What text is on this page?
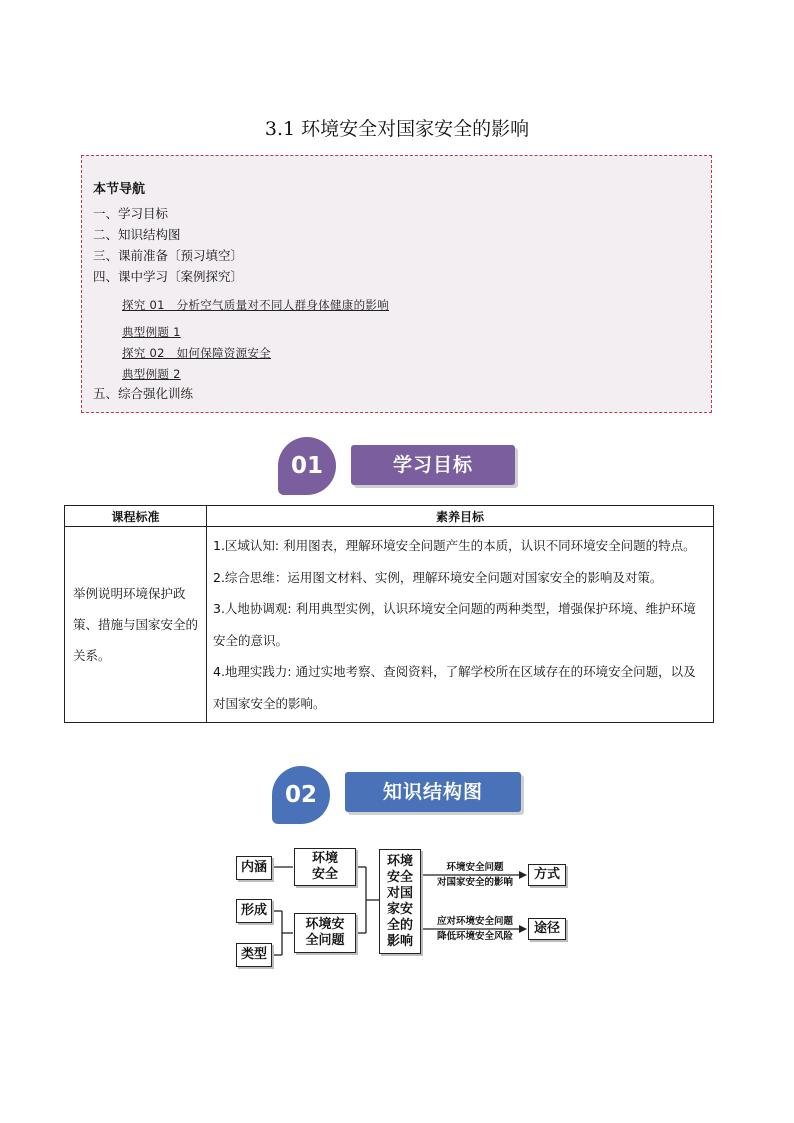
3.1 环境安全对国家安全的影响
本节导航
一、学习目标
二、知识结构图
三、课前准备〔预习填空〕
四、课中学习〔案例探究〕
探究 01　分析空气质量对不同人群身体健康的影响
典型例题 1
探究 02　如何保障资源安全
典型例题 2
五、综合强化训练
01	学习目标
课程标准	素养目标
举例说明环境保护政策、措施与国家安全的关系。	1.区域认知: 利用图表，理解环境安全问题产生的本质，认识不同环境安全问题的特点。

2.综合思维：运用图文材料、实例，理解环境安全问题对国家安全的影响及对策。

3.人地协调观: 利用典型实例，认识环境安全问题的两种类型，增强保护环境、维护环境安全的意识。

4.地理实践力: 通过实地考察、查阅资料，了解学校所在区域存在的环境安全问题，以及对国家安全的影响。

02	知识结构图
内涵
形成
类型
环境安全
环境安全问题
环境安全对国家安全的影响
环境安全问题
对国家安全的影响
应对环境安全问题
降低环境安全风险
方式
途径
